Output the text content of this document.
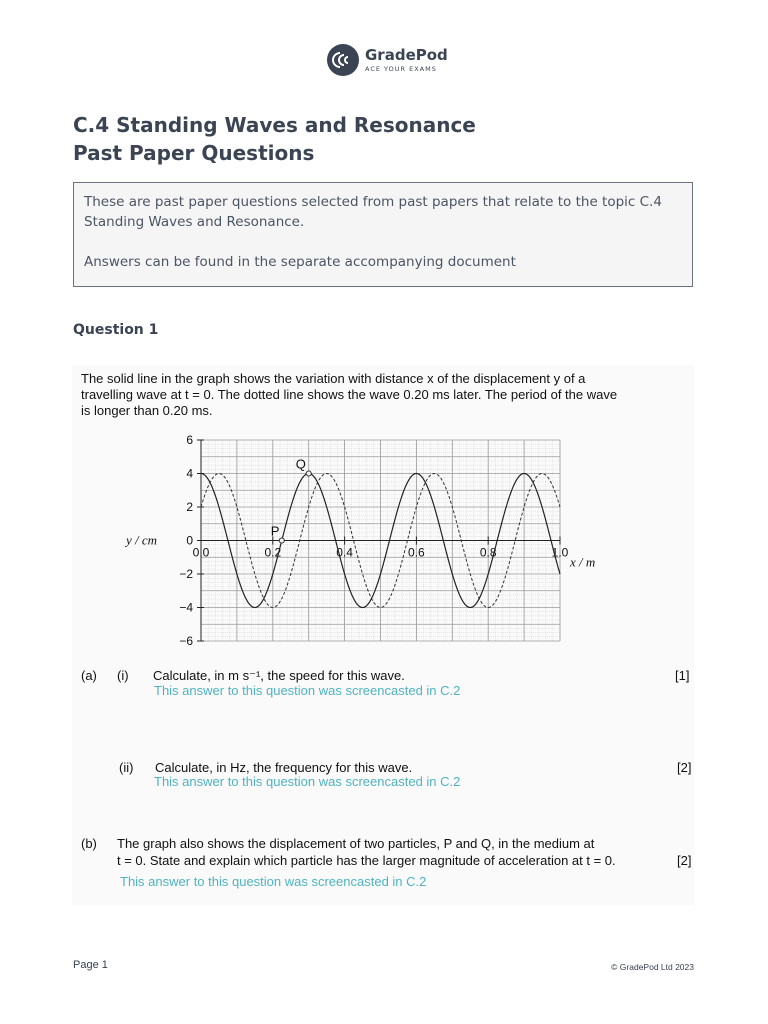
GradePod
ACE YOUR EXAMS
C.4 Standing Waves and Resonance
Past Paper Questions

These are past paper questions selected from past papers that relate to the topic C.4 Standing Waves and Resonance.

Answers can be found in the separate accompanying document

Question 1
The solid line in the graph shows the variation with distance x of the displacement y of a
travelling wave at t = 0. The dotted line shows the wave 0.20 ms later. The period of the wave
is longer than 0.20 ms.
0.0	0.2	0.4	0.6	0.8	1.0
6
4
2
0
−2
−4
−6
P
Q
y / cm
x / m
(a) (i) Calculate, in m s⁻¹, the speed for this wave.	[1]
This answer to this question was screencasted in C.2
(ii) Calculate, in Hz, the frequency for this wave.	[2]
This answer to this question was screencasted in C.2
(b) The graph also shows the displacement of two particles, P and Q, in the medium at
t = 0. State and explain which particle has the larger magnitude of acceleration at t = 0.	[2]
This answer to this question was screencasted in C.2
Page 1	© GradePod Ltd 2023
